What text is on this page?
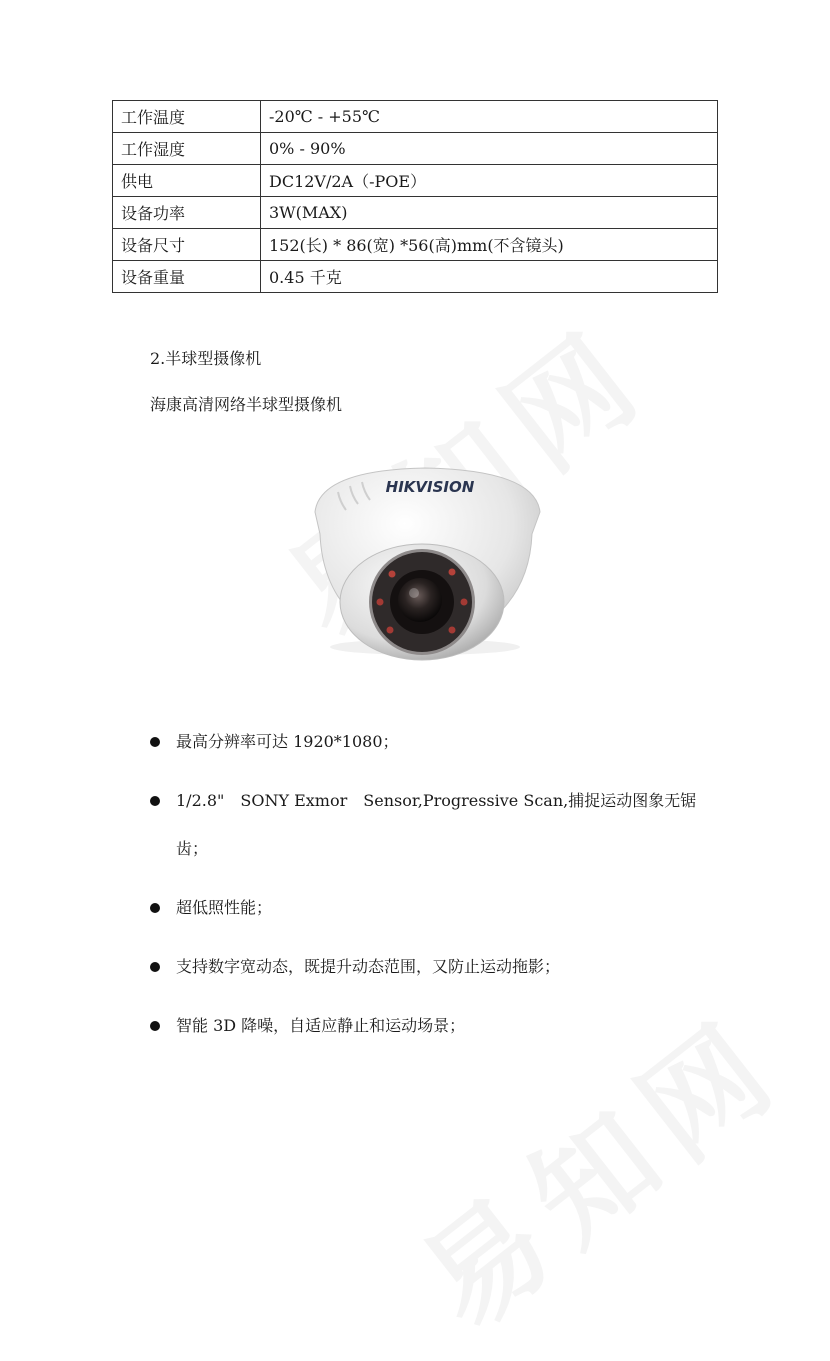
工作温度	-20℃ - +55℃
工作湿度	0% - 90%
供电	DC12V/2A（-POE）
设备功率	3W(MAX)
设备尺寸	152(长) * 86(宽) *56(高)mm(不含镜头)
设备重量	0.45 千克
2.半球型摄像机
海康高清网络半球型摄像机
HIKVISION
最高分辨率可达 1920*1080；
1/2.8"　SONY Exmor　Sensor,Progressive Scan,捕捉运动图象无锯齿；
超低照性能；
支持数字宽动态，既提升动态范围，又防止运动拖影；
智能 3D 降噪，自适应静止和运动场景；
